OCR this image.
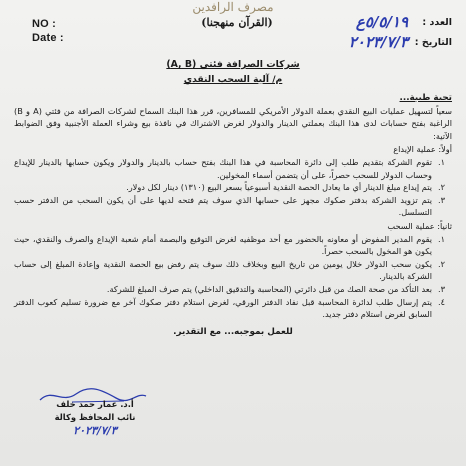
مصرف الرافدين
NO :
Date :
(القرآن منهجنا)	العدد :
٥/٥/١٩ع
التاريخ :
٢٠٢٣/٧/٣
شركات الصرافة فئتي (A, B)
م/ آلية السحب النقدي
تحية طيبة...
سعياً لتسهيل عمليات البيع النقدي بعملة الدولار الأمريكي للمسافرين، قرر هذا البنك السماح لشركات الصرافة من فئتي (A و B) الراغبة بفتح حسابات لدى هذا البنك بعملتي الدينار والدولار لغرض الاشتراك في نافذة بيع وشراء العملة الأجنبية وفق الضوابط الآتية:
أولاً: عملية الإيداع
١.
تقوم الشركة بتقديم طلب إلى دائرة المحاسبة في هذا البنك بفتح حساب بالدينار والدولار ويكون حسابها بالدينار للإيداع وحساب الدولار للسحب حصراً، على أن يتضمن أسماء المخولين.
٢.
يتم إيداع مبلغ الدينار أي ما يعادل الحصة النقدية أسبوعياً بسعر البيع (١٣١٠) دينار لكل دولار.
٣.
يتم تزويد الشركة بدفتر صكوك مجهز على حسابها الذي سوف يتم فتحه لديها على أن يكون السحب من الدفتر حسب التسلسل.
ثانياً: عملية السحب
١.
يقوم المدير المفوض أو معاونه بالحضور مع أحد موظفيه لغرض التوقيع والبصمة أمام شعبة الإيداع والصرف والنقدي، حيث يكون هو المخول بالسحب حصراً.
٢.
يكون سحب الدولار خلال يومين من تاريخ البيع وبخلاف ذلك سوف يتم رفض بيع الحصة النقدية وإعادة المبلغ إلى حساب الشركة بالدينار.
٣.
بعد التأكد من صحة الصك من قبل دائرتي (المحاسبة والتدقيق الداخلي) يتم صرف المبلغ للشركة.
٤.
يتم إرسال طلب لدائرة المحاسبة قبل نفاد الدفتر الورقي، لغرض استلام دفتر صكوك آخر مع ضرورة تسليم كعوب الدفتر السابق لغرض استلام دفتر جديد.
للعمل بموجبه... مع التقدير.
أ.د. عمار حمد خلف
نائب المحافظ وكالة
٢٠٢٣/٧/٣
